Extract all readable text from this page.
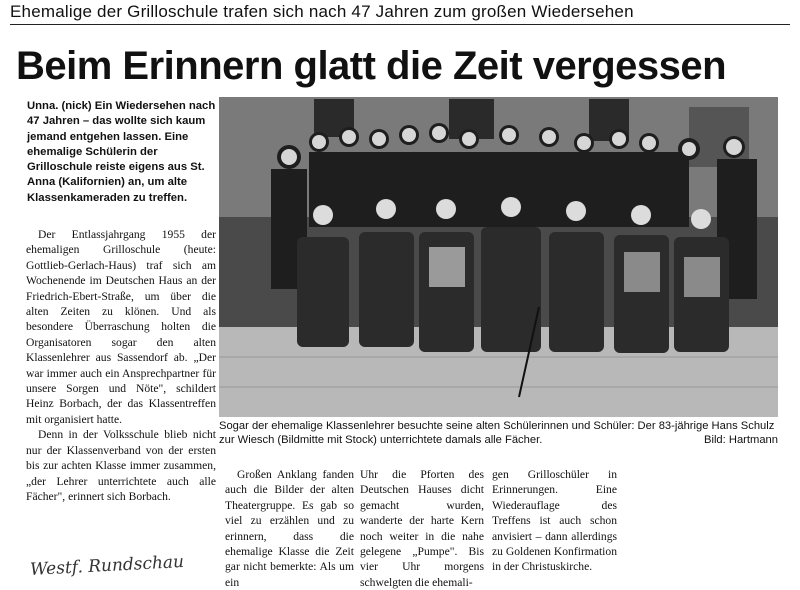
Ehemalige der Grilloschule trafen sich nach 47 Jahren zum großen Wiedersehen
Beim Erinnern glatt die Zeit vergessen
Unna. (nick) Ein Wiedersehen nach 47 Jahren – das wollte sich kaum jemand entgehen lassen. Eine ehemalige Schülerin der Grilloschule reiste eigens aus St. Anna (Kalifornien) an, um alte Klassenkameraden zu treffen.

Der Entlassjahrgang 1955 der ehemaligen Grilloschule (heute: Gottlieb-Gerlach-Haus) traf sich am Wochenende im Deutschen Haus an der Friedrich-Ebert-Straße, um über die alten Zeiten zu klönen. Und als besondere Überraschung holten die Organisatoren sogar den alten Klassenlehrer aus Sassendorf ab. „Der war immer auch ein Ansprechpartner für unsere Sorgen und Nöte", schildert Heinz Borbach, der das Klassentreffen mit organisiert hatte.

Denn in der Volksschule blieb nicht nur der Klassenverband von der ersten bis zur achten Klasse immer zusammen, „der Lehrer unterrichtete auch alle Fächer", erinnert sich Borbach.

Sogar der ehemalige Klassenlehrer besuchte seine alten Schülerinnen und Schüler: Der 83-jährige Hans Schulz zur Wiesch (Bildmitte mit Stock) unterrichtete damals alle Fächer.	Bild: Hartmann

Großen Anklang fanden auch die Bilder der alten Theatergruppe. Es gab so viel zu erzählen und zu erinnern, dass die ehemalige Klasse die Zeit gar nicht bemerkte: Als um ein

Uhr die Pforten des Deutschen Hauses dicht gemacht wurden, wanderte der harte Kern noch weiter in die nahe gelegene „Pumpe". Bis vier Uhr morgens schwelgten die ehemali-

gen Grilloschüler in Erinnerungen. Eine Wiederauflage des Treffens ist auch schon anvisiert – dann allerdings zu Goldenen Konfirmation in der Christuskirche.

Westf. Rundschau
